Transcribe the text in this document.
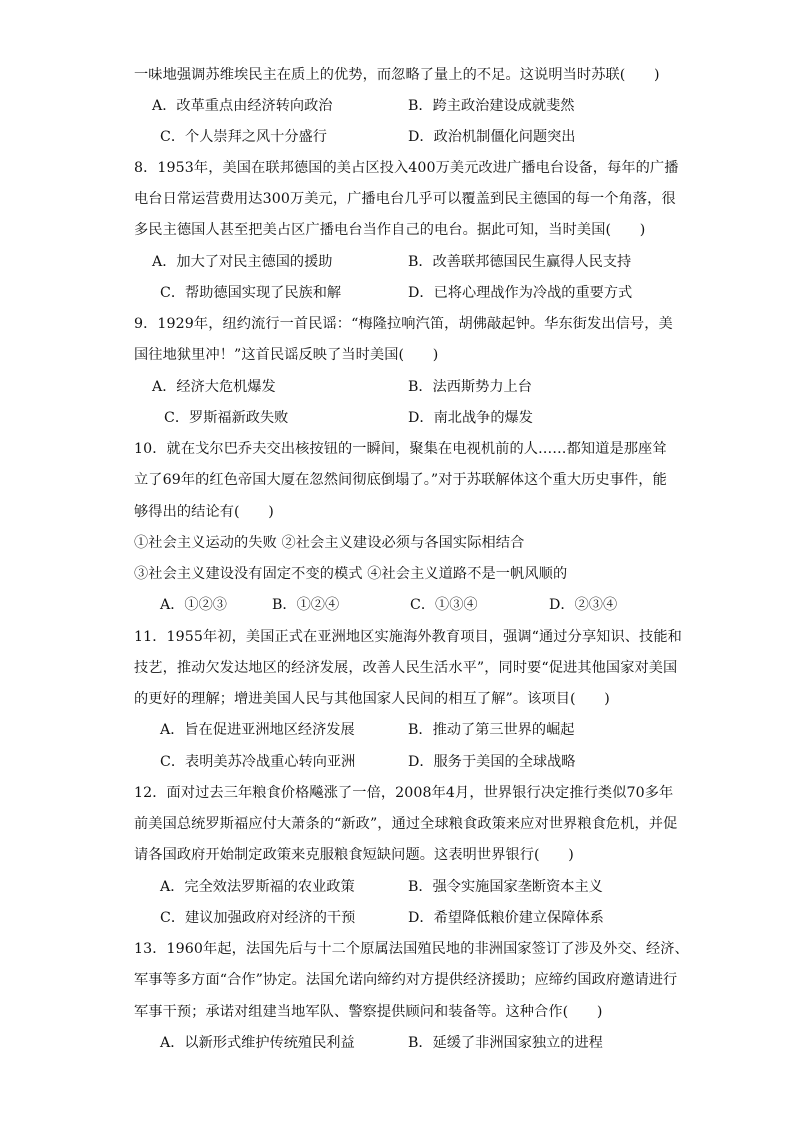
一味地强调苏维埃民主在质上的优势，而忽略了量上的不足。这说明当时苏联(　　)
A．改革重点由经济转向政治	B．跨主政治建设成就斐然
C．个人崇拜之风十分盛行	D．政治机制僵化问题突出
8．1953年，美国在联邦德国的美占区投入400万美元改进广播电台设备，每年的广播
电台日常运营费用达300万美元，广播电台几乎可以覆盖到民主德国的每一个角落，很
多民主德国人甚至把美占区广播电台当作自己的电台。据此可知，当时美国(　　)
A．加大了对民主德国的援助	B．改善联邦德国民生赢得人民支持
C．帮助德国实现了民族和解	D．已将心理战作为冷战的重要方式
9．1929年，纽约流行一首民谣：“梅隆拉响汽笛，胡佛敲起钟。华东街发出信号，美
国往地狱里冲！”这首民谣反映了当时美国(　　)
A．经济大危机爆发	B．法西斯势力上台
C．罗斯福新政失败	D．南北战争的爆发
10．就在戈尔巴乔夫交出核按钮的一瞬间，聚集在电视机前的人……都知道是那座耸
立了69年的红色帝国大厦在忽然间彻底倒塌了。”对于苏联解体这个重大历史事件，能
够得出的结论有(　　)
①社会主义运动的失败 ②社会主义建设必须与各国实际相结合
③社会主义建设没有固定不变的模式 ④社会主义道路不是一帆风顺的
A．①②③	B．①②④	C．①③④	D．②③④
11．1955年初，美国正式在亚洲地区实施海外教育项目，强调“通过分享知识、技能和
技艺，推动欠发达地区的经济发展，改善人民生活水平”，同时要“促进其他国家对美国
的更好的理解；增进美国人民与其他国家人民间的相互了解”。该项目(　　)
A．旨在促进亚洲地区经济发展	B．推动了第三世界的崛起
C．表明美苏冷战重心转向亚洲	D．服务于美国的全球战略
12．面对过去三年粮食价格飚涨了一倍，2008年4月，世界银行决定推行类似70多年
前美国总统罗斯福应付大萧条的“新政”，通过全球粮食政策来应对世界粮食危机，并促
请各国政府开始制定政策来克服粮食短缺问题。这表明世界银行(　　)
A．完全效法罗斯福的农业政策	B．强令实施国家垄断资本主义
C．建议加强政府对经济的干预	D．希望降低粮价建立保障体系
13．1960年起，法国先后与十二个原属法国殖民地的非洲国家签订了涉及外交、经济、
军事等多方面“合作”协定。法国允诺向缔约对方提供经济援助；应缔约国政府邀请进行
军事干预；承诺对组建当地军队、警察提供顾问和装备等。这种合作(　　)
A．以新形式维护传统殖民利益	B．延缓了非洲国家独立的进程
